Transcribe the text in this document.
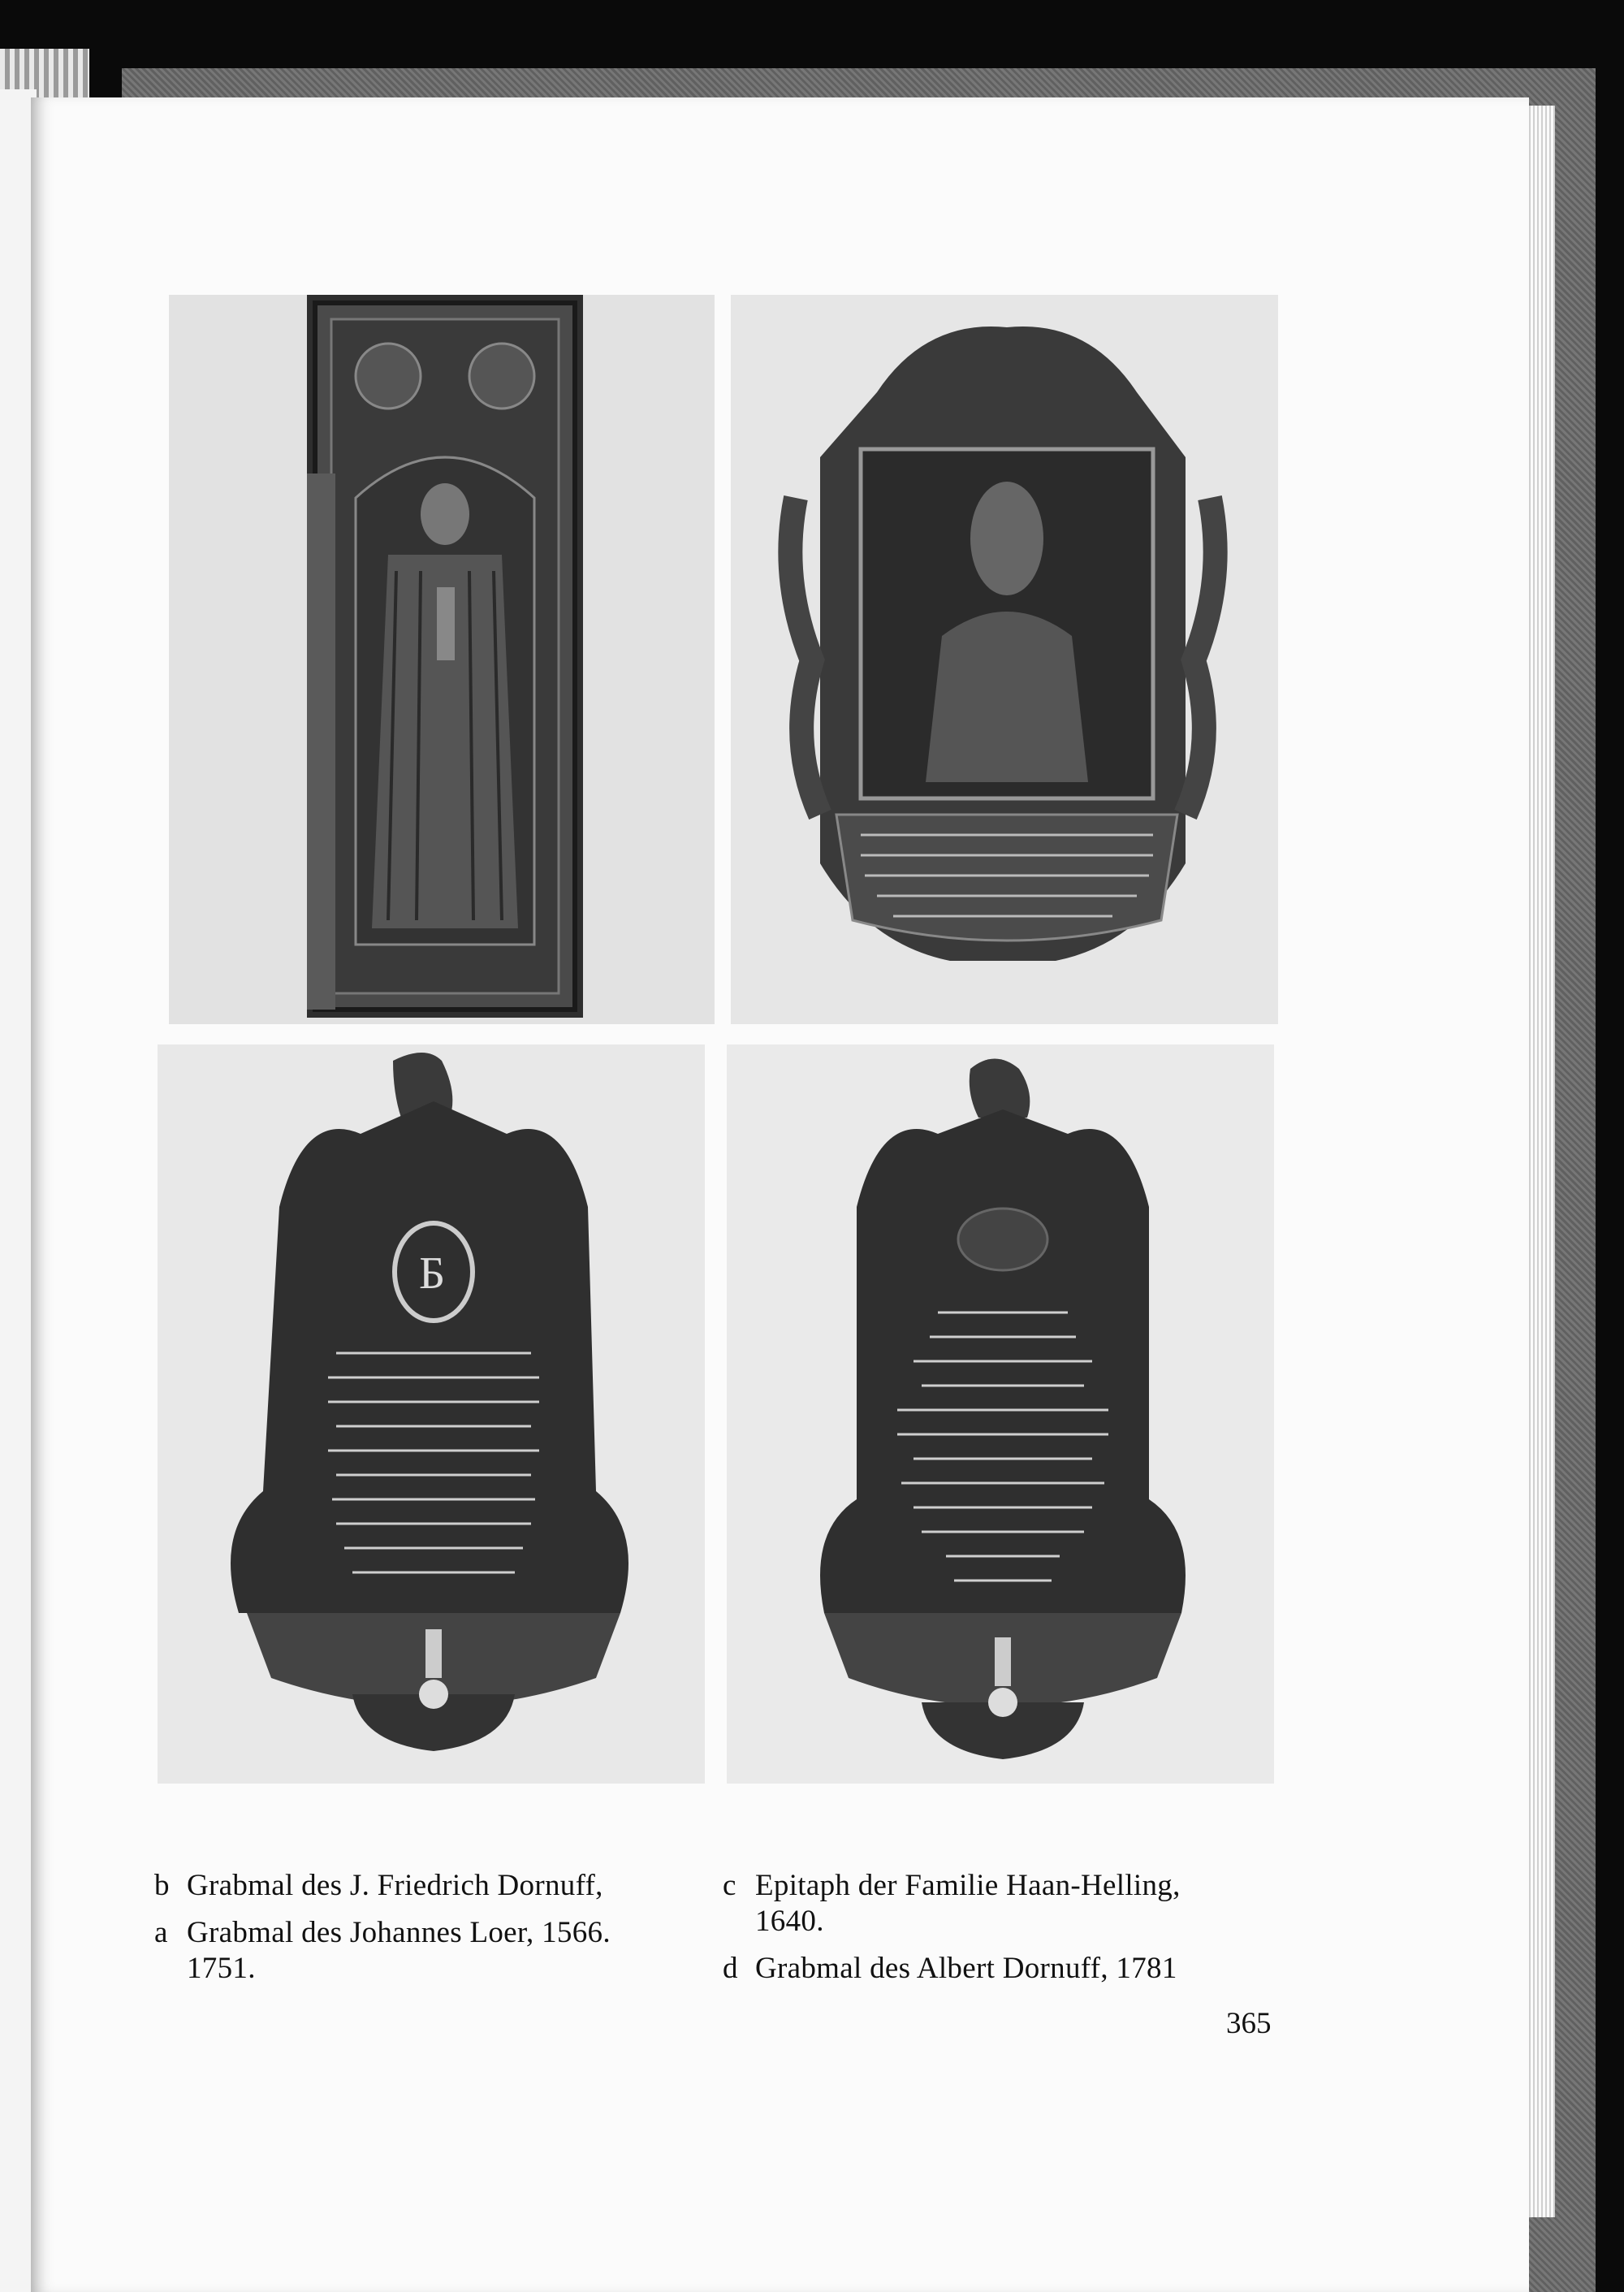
Б
b Grabmal des J. Friedrich Dornuff,
a Grabmal des Johannes Loer, 1566.
1751.
c Epitaph der Familie Haan-Helling,
1640.
d Grabmal des Albert Dornuff, 1781
365
